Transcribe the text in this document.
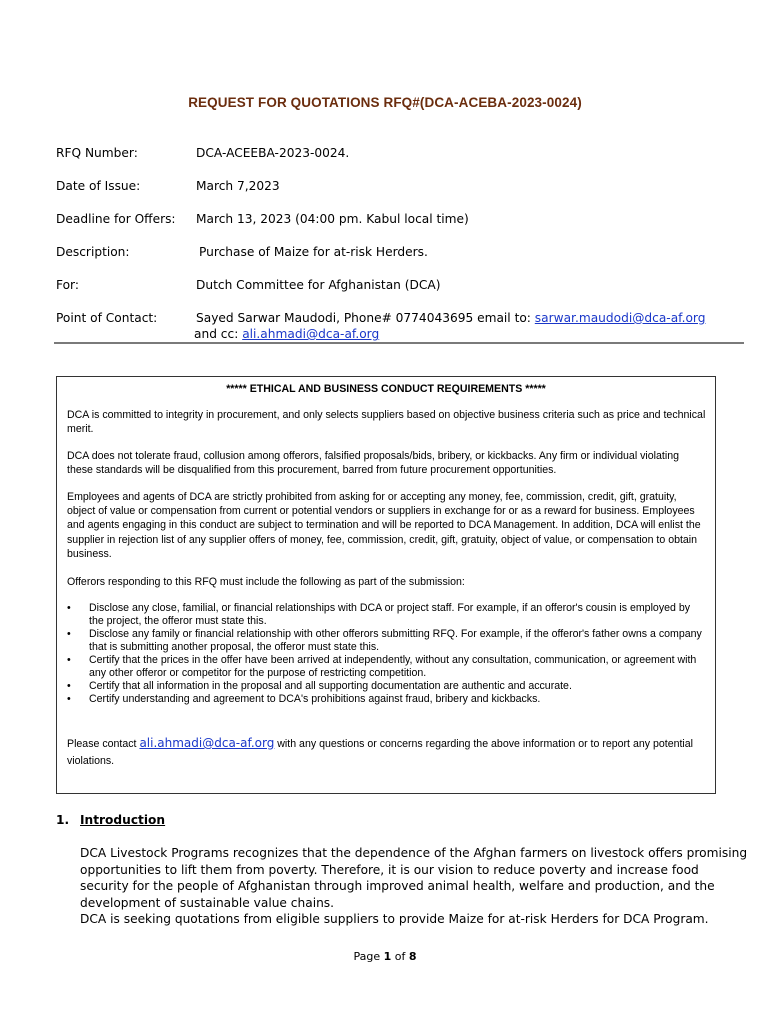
REQUEST FOR QUOTATIONS RFQ#(DCA-ACEBA-2023-0024)
RFQ Number:	DCA-ACEEBA-2023-0024.
Date of Issue:	March 7,2023
Deadline for Offers: March 13, 2023 (04:00 pm. Kabul local time)
Description:	Purchase of Maize for at-risk Herders.
For:	Dutch Committee for Afghanistan (DCA)
Point of Contact:	Sayed Sarwar Maudodi, Phone# 0774043695 email to: sarwar.maudodi@dca-af.org
and cc: ali.ahmadi@dca-af.org
***** ETHICAL AND BUSINESS CONDUCT REQUIREMENTS *****
DCA is committed to integrity in procurement, and only selects suppliers based on objective business criteria such as price and technical merit.
DCA does not tolerate fraud, collusion among offerors, falsified proposals/bids, bribery, or kickbacks. Any firm or individual violating these standards will be disqualified from this procurement, barred from future procurement opportunities.
Employees and agents of DCA are strictly prohibited from asking for or accepting any money, fee, commission, credit, gift, gratuity, object of value or compensation from current or potential vendors or suppliers in exchange for or as a reward for business. Employees and agents engaging in this conduct are subject to termination and will be reported to DCA Management. In addition, DCA will enlist the supplier in rejection list of any supplier offers of money, fee, commission, credit, gift, gratuity, object of value, or compensation to obtain business.
Offerors responding to this RFQ must include the following as part of the submission:
• Disclose any close, familial, or financial relationships with DCA or project staff. For example, if an offeror's cousin is employed by the project, the offeror must state this.
• Disclose any family or financial relationship with other offerors submitting RFQ. For example, if the offeror's father owns a company that is submitting another proposal, the offeror must state this.
• Certify that the prices in the offer have been arrived at independently, without any consultation, communication, or agreement with any other offeror or competitor for the purpose of restricting competition.
• Certify that all information in the proposal and all supporting documentation are authentic and accurate.
• Certify understanding and agreement to DCA's prohibitions against fraud, bribery and kickbacks.
Please contact ali.ahmadi@dca-af.org with any questions or concerns regarding the above information or to report any potential violations.
1. Introduction
DCA Livestock Programs recognizes that the dependence of the Afghan farmers on livestock offers promising opportunities to lift them from poverty. Therefore, it is our vision to reduce poverty and increase food security for the people of Afghanistan through improved animal health, welfare and production, and the development of sustainable value chains.
DCA is seeking quotations from eligible suppliers to provide Maize for at-risk Herders for DCA Program.
Page 1 of 8
